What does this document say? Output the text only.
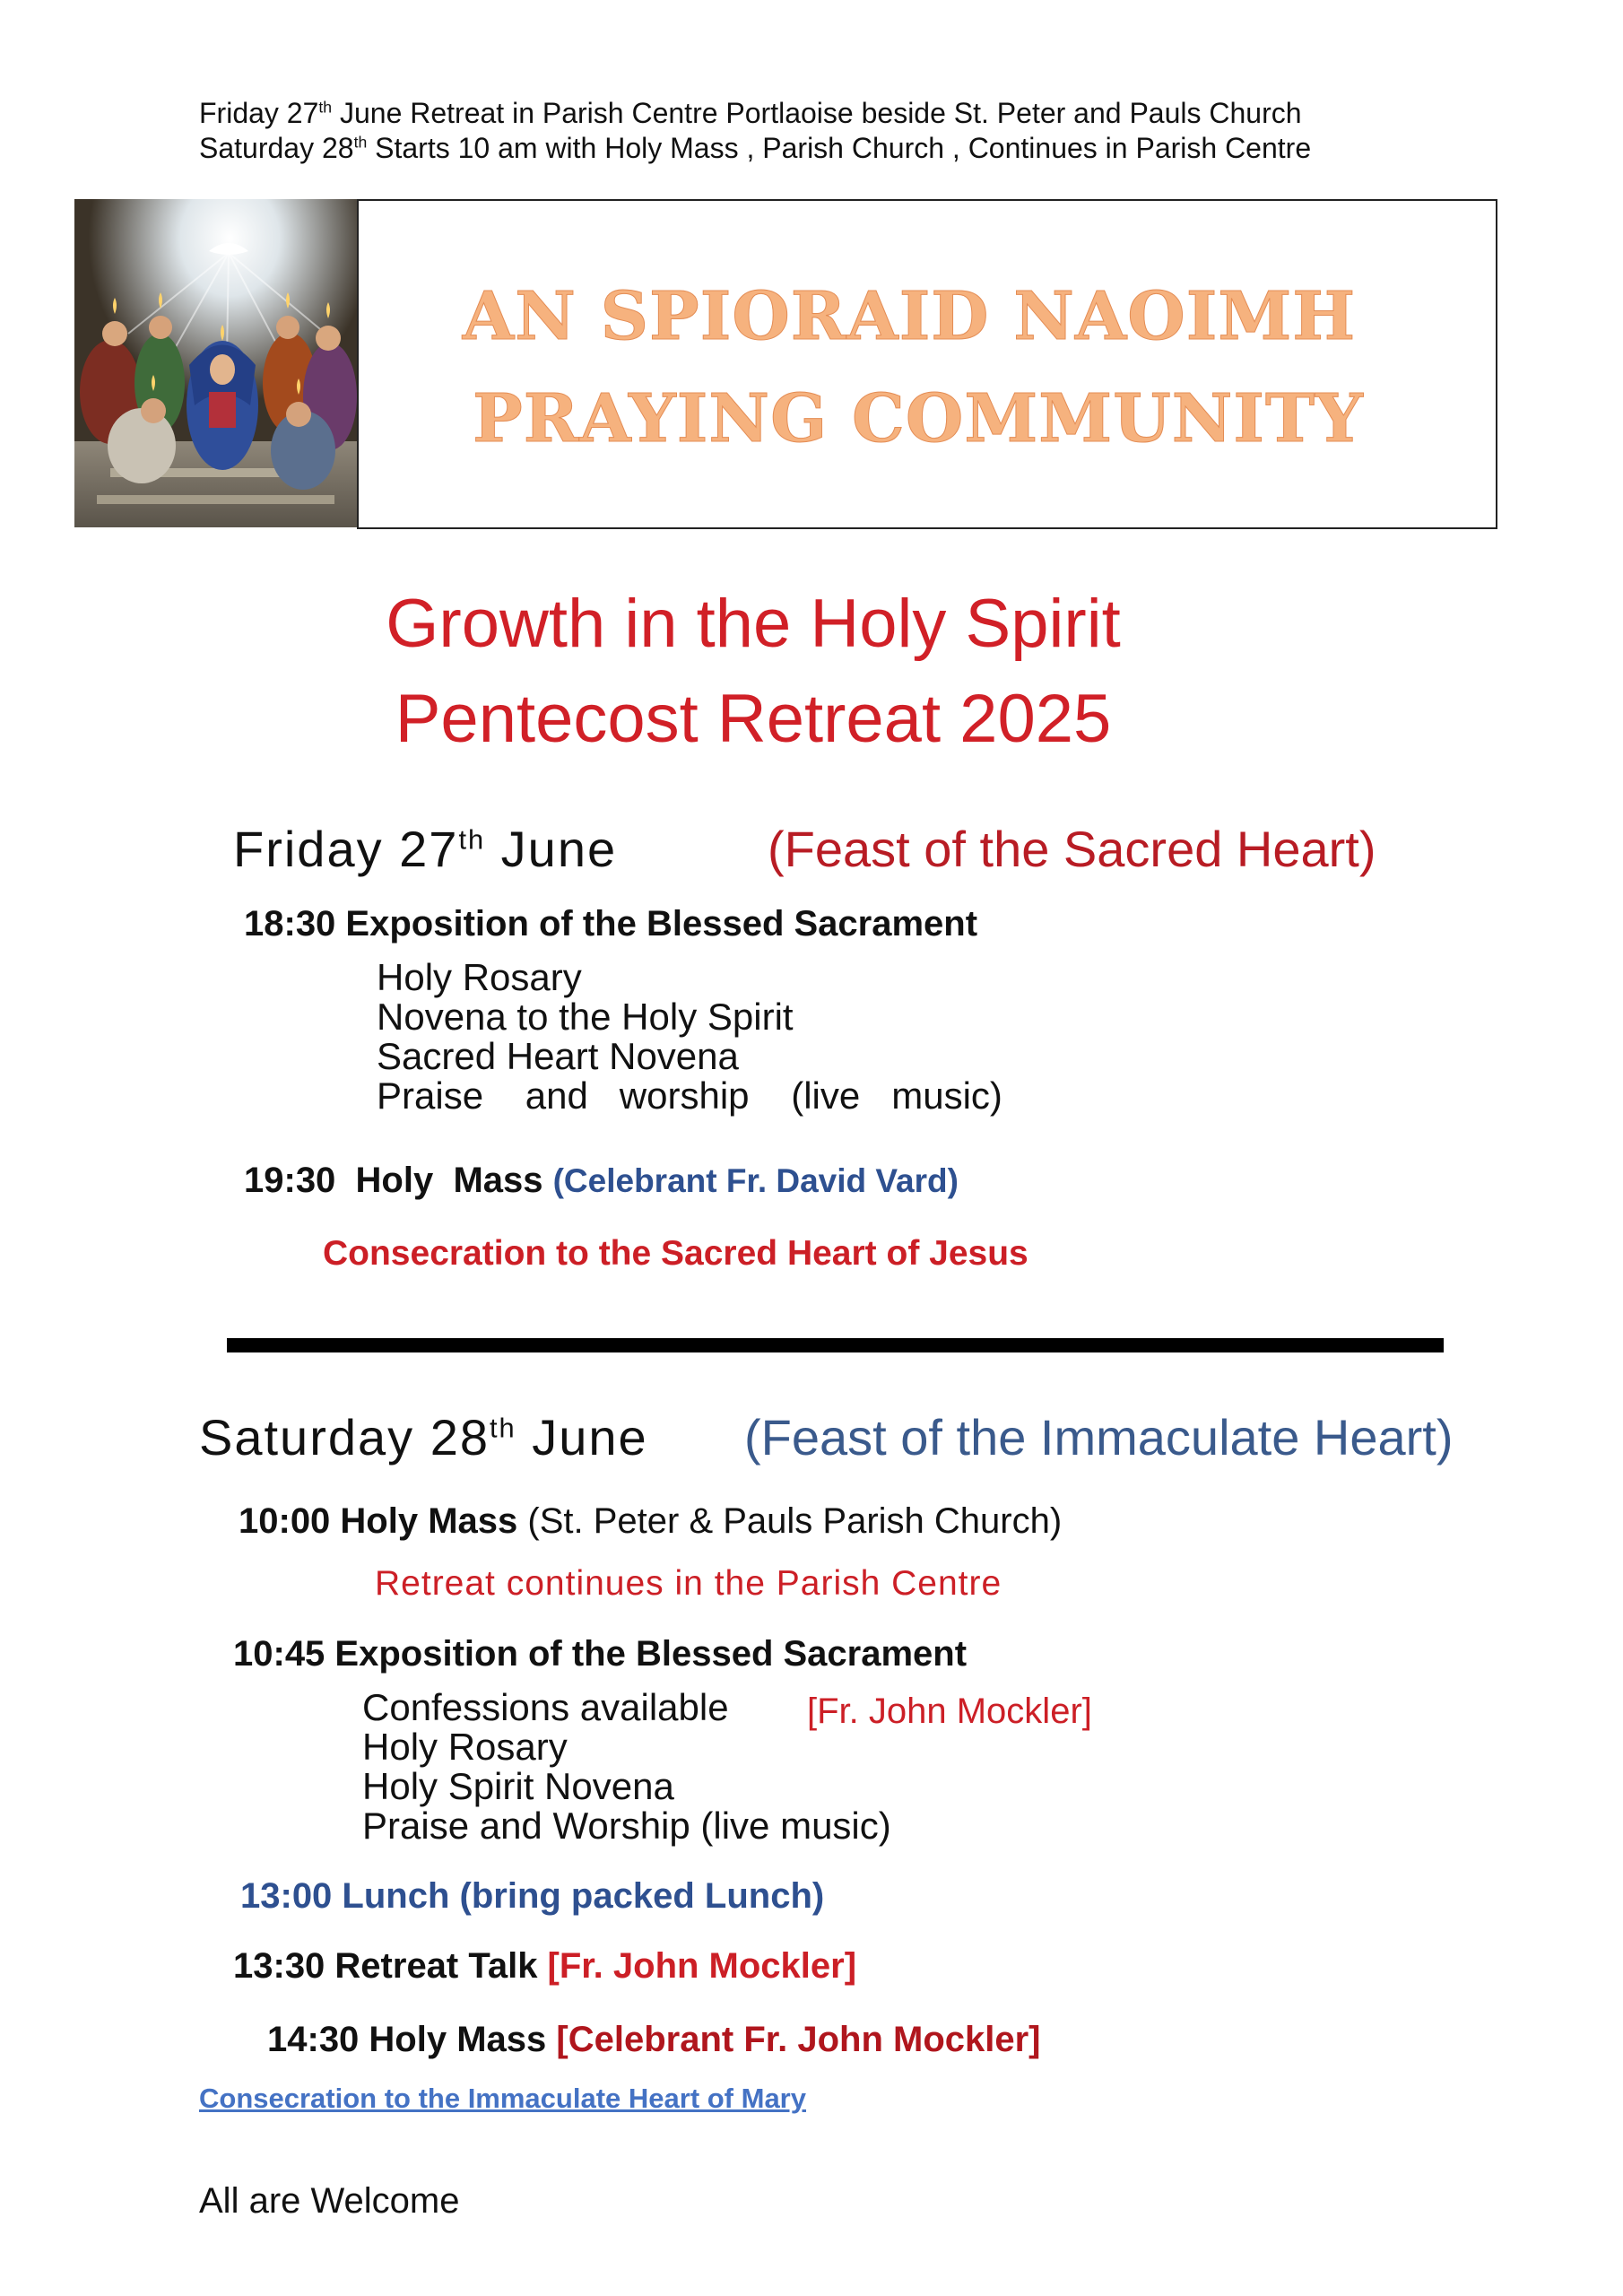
Friday 27th June Retreat in Parish Centre Portlaoise beside St. Peter and Pauls Church
Saturday 28th Starts 10 am with Holy Mass , Parish Church , Continues in Parish Centre
AN SPIORAID NAOIMH
PRAYING COMMUNITY
Growth in the Holy Spirit
Pentecost Retreat 2025
Friday 27th June	(Feast of the Sacred Heart)
18:30 Exposition of the Blessed Sacrament
Holy Rosary
Novena to the Holy Spirit
Sacred Heart Novena
Praise    and   worship    (live   music)
19:30  Holy  Mass (Celebrant Fr. David Vard)
Consecration to the Sacred Heart of Jesus
Saturday 28th June (Feast of the Immaculate Heart)
10:00 Holy Mass (St. Peter & Pauls Parish Church)
Retreat continues in the Parish Centre
10:45 Exposition of the Blessed Sacrament
Confessions available [Fr. John Mockler]
Holy Rosary
Holy Spirit Novena
Praise and Worship (live music)
13:00 Lunch (bring packed Lunch)
13:30 Retreat Talk [Fr. John Mockler]
14:30 Holy Mass [Celebrant Fr. John Mockler]
Consecration to the Immaculate Heart of Mary
All are Welcome
